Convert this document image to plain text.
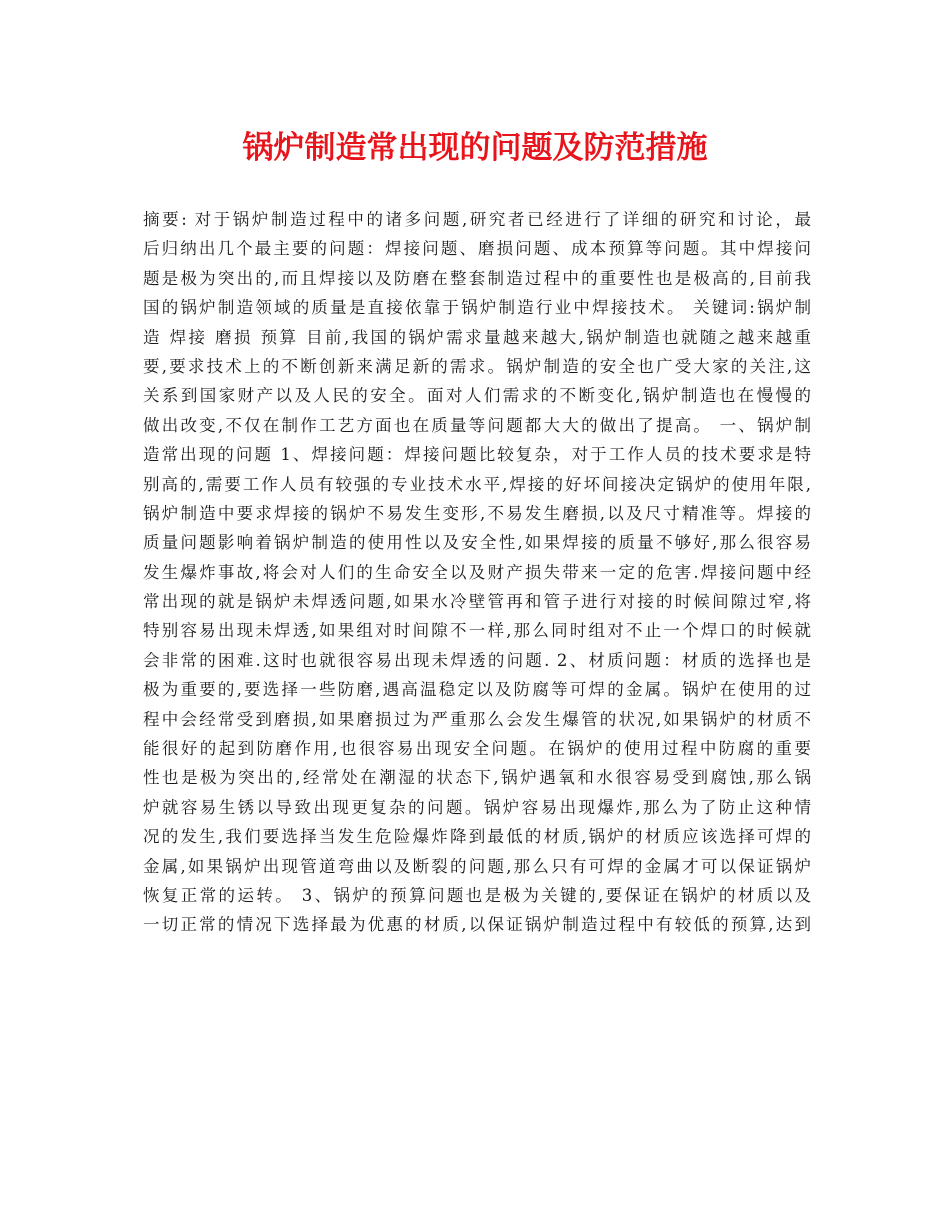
锅炉制造常出现的问题及防范措施
摘要: 对于锅炉制造过程中的诸多问题,研究者已经进行了详细的研究和讨论，最
后归纳出几个最主要的问题：焊接问题、磨损问题、成本预算等问题。其中焊接问
题是极为突出的,而且焊接以及防磨在整套制造过程中的重要性也是极高的,目前我
国的锅炉制造领域的质量是直接依靠于锅炉制造行业中焊接技术。 关键词:锅炉制
造 焊接 磨损 预算 目前,我国的锅炉需求量越来越大,锅炉制造也就随之越来越重
要,要求技术上的不断创新来满足新的需求。锅炉制造的安全也广受大家的关注,这
关系到国家财产以及人民的安全。面对人们需求的不断变化,锅炉制造也在慢慢的
做出改变,不仅在制作工艺方面也在质量等问题都大大的做出了提高。 一、锅炉制
造常出现的问题 1、焊接问题：焊接问题比较复杂，对于工作人员的技术要求是特
别高的,需要工作人员有较强的专业技术水平,焊接的好坏间接决定锅炉的使用年限,
锅炉制造中要求焊接的锅炉不易发生变形,不易发生磨损,以及尺寸精准等。焊接的
质量问题影响着锅炉制造的使用性以及安全性,如果焊接的质量不够好,那么很容易
发生爆炸事故,将会对人们的生命安全以及财产损失带来一定的危害.焊接问题中经
常出现的就是锅炉未焊透问题,如果水冷壁管再和管子进行对接的时候间隙过窄,将
特别容易出现未焊透,如果组对时间隙不一样,那么同时组对不止一个焊口的时候就
会非常的困难.这时也就很容易出现未焊透的问题. 2、材质问题：材质的选择也是
极为重要的,要选择一些防磨,遇高温稳定以及防腐等可焊的金属。锅炉在使用的过
程中会经常受到磨损,如果磨损过为严重那么会发生爆管的状况,如果锅炉的材质不
能很好的起到防磨作用,也很容易出现安全问题。在锅炉的使用过程中防腐的重要
性也是极为突出的,经常处在潮湿的状态下,锅炉遇氧和水很容易受到腐蚀,那么锅
炉就容易生锈以导致出现更复杂的问题。锅炉容易出现爆炸,那么为了防止这种情
况的发生,我们要选择当发生危险爆炸降到最低的材质,锅炉的材质应该选择可焊的
金属,如果锅炉出现管道弯曲以及断裂的问题,那么只有可焊的金属才可以保证锅炉
恢复正常的运转。 3、锅炉的预算问题也是极为关键的,要保证在锅炉的材质以及
一切正常的情况下选择最为优惠的材质,以保证锅炉制造过程中有较低的预算,达到
